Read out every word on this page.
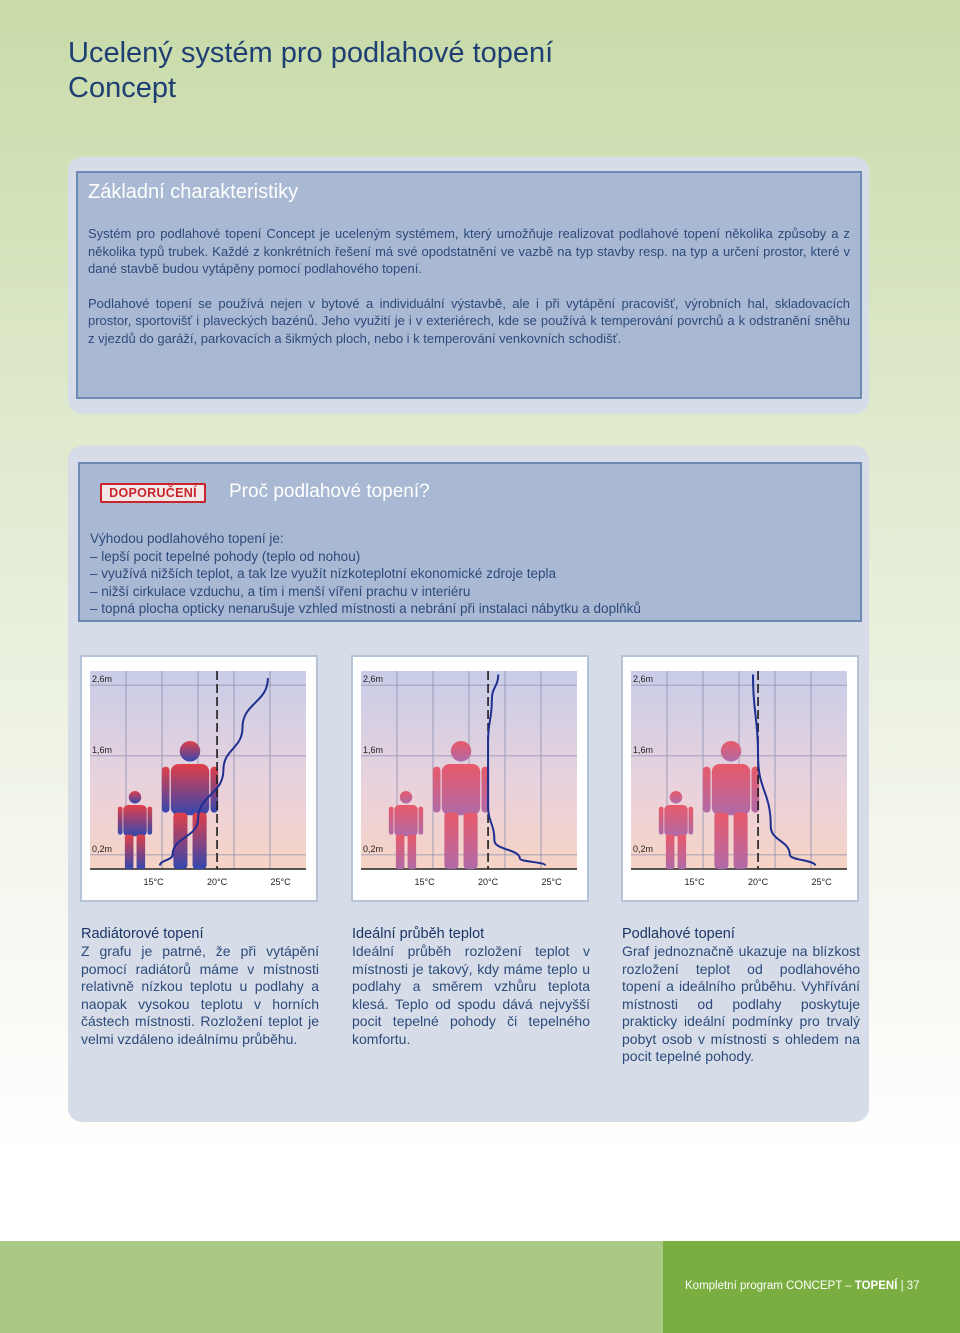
Ucelený systém pro podlahové topení
Concept
Základní charakteristiky

Systém pro podlahové topení Concept je uceleným systémem, který umožňuje realizovat podlahové topení několika způsoby a z několika typů trubek. Každé z konkrétních řešení má své opodstatnění ve vazbě na typ stavby resp. na typ a určení prostor, které v dané stavbě budou vytápěny pomocí podlahového topení.

Podlahové topení se používá nejen v bytové a individuální výstavbě, ale i při vytápění pracovišť, výrobních hal, skladovacích prostor, sportovišť i plaveckých bazénů. Jeho využití je i v exteriérech, kde se používá k temperování povrchů a k odstranění sněhu z vjezdů do garáží, parkovacích a šikmých ploch, nebo i k temperování venkovních schodišť.

DOPORUČENÍ	Proč podlahové topení?
Výhodou podlahového topení je:
– lepší pocit tepelné pohody (teplo od nohou)
– využívá nižších teplot, a tak lze využít nízkoteplotní ekonomické zdroje tepla
– nižší cirkulace vzduchu, a tím i menší víření prachu v interiéru
– topná plocha opticky nenarušuje vzhled místnosti a nebrání při instalaci nábytku a doplňků
0,2m
1,6m
2,6m
15°C	20°C	25°C
0,2m
1,6m
2,6m
15°C	20°C	25°C
0,2m
1,6m
2,6m
15°C	20°C	25°C
Radiátorové topení
Z grafu je patrné, že při vytápění pomocí radiátorů máme v místnosti relativně nízkou teplotu u podlahy a naopak vysokou teplotu v horních částech místnosti. Rozložení teplot je velmi vzdáleno ideálnímu průběhu.
Ideální průběh teplot
Ideální průběh rozložení teplot v místnosti je takový, kdy máme teplo u podlahy a směrem vzhůru teplota klesá. Teplo od spodu dává nejvyšší pocit tepelné pohody či tepelného komfortu.
Podlahové topení
Graf jednoznačně ukazuje na blízkost rozložení teplot od podlahového topení a ideálního průběhu. Vyhřívání místnosti od podlahy poskytuje prakticky ideální podmínky pro trvalý pobyt osob v místnosti s ohledem na pocit tepelné pohody.
Kompletní program CONCEPT – TOPENÍ | 37
